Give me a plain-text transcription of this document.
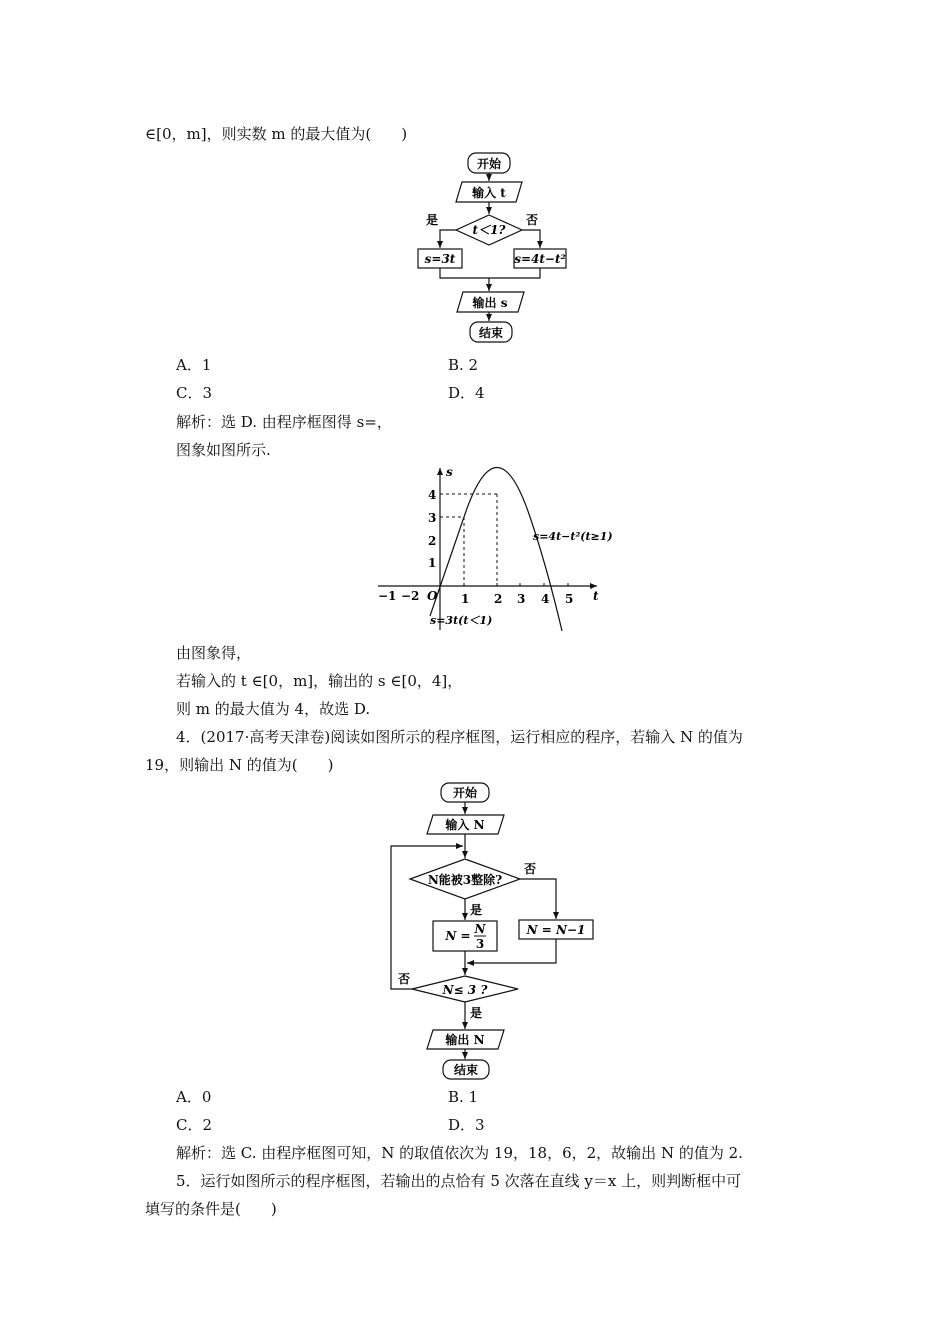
∈[0，m]，则实数 m 的最大值为(　　)
开始
输入 t
t＜1?
是	否
s=3t	s=4t−t²
输出 s
结束
A．1	B. 2
C．3	D．4
解析：选 D. 由程序框图得 s=，
图象如图所示.
s
t
O
−1 −2	1 2 3 4 5
1
2
3
4
s=4t−t²(t≥1)
s=3t(t＜1)
由图象得，
若输入的 t ∈[0，m]，输出的 s ∈[0，4]，
则 m 的最大值为 4，故选 D.
4．(2017·高考天津卷)阅读如图所示的程序框图，运行相应的程序，若输入 N 的值为
19，则输出 N 的值为(　　)
开始
输入 N
N能被3整除?
否
是
N = N
3
N = N−1
N≤ 3 ?
否
是
输出 N
结束
A．0	B. 1
C．2	D．3
解析：选 C. 由程序框图可知，N 的取值依次为 19，18，6，2，故输出 N 的值为 2.
5．运行如图所示的程序框图，若输出的点恰有 5 次落在直线 y＝x 上，则判断框中可
填写的条件是(　　)
